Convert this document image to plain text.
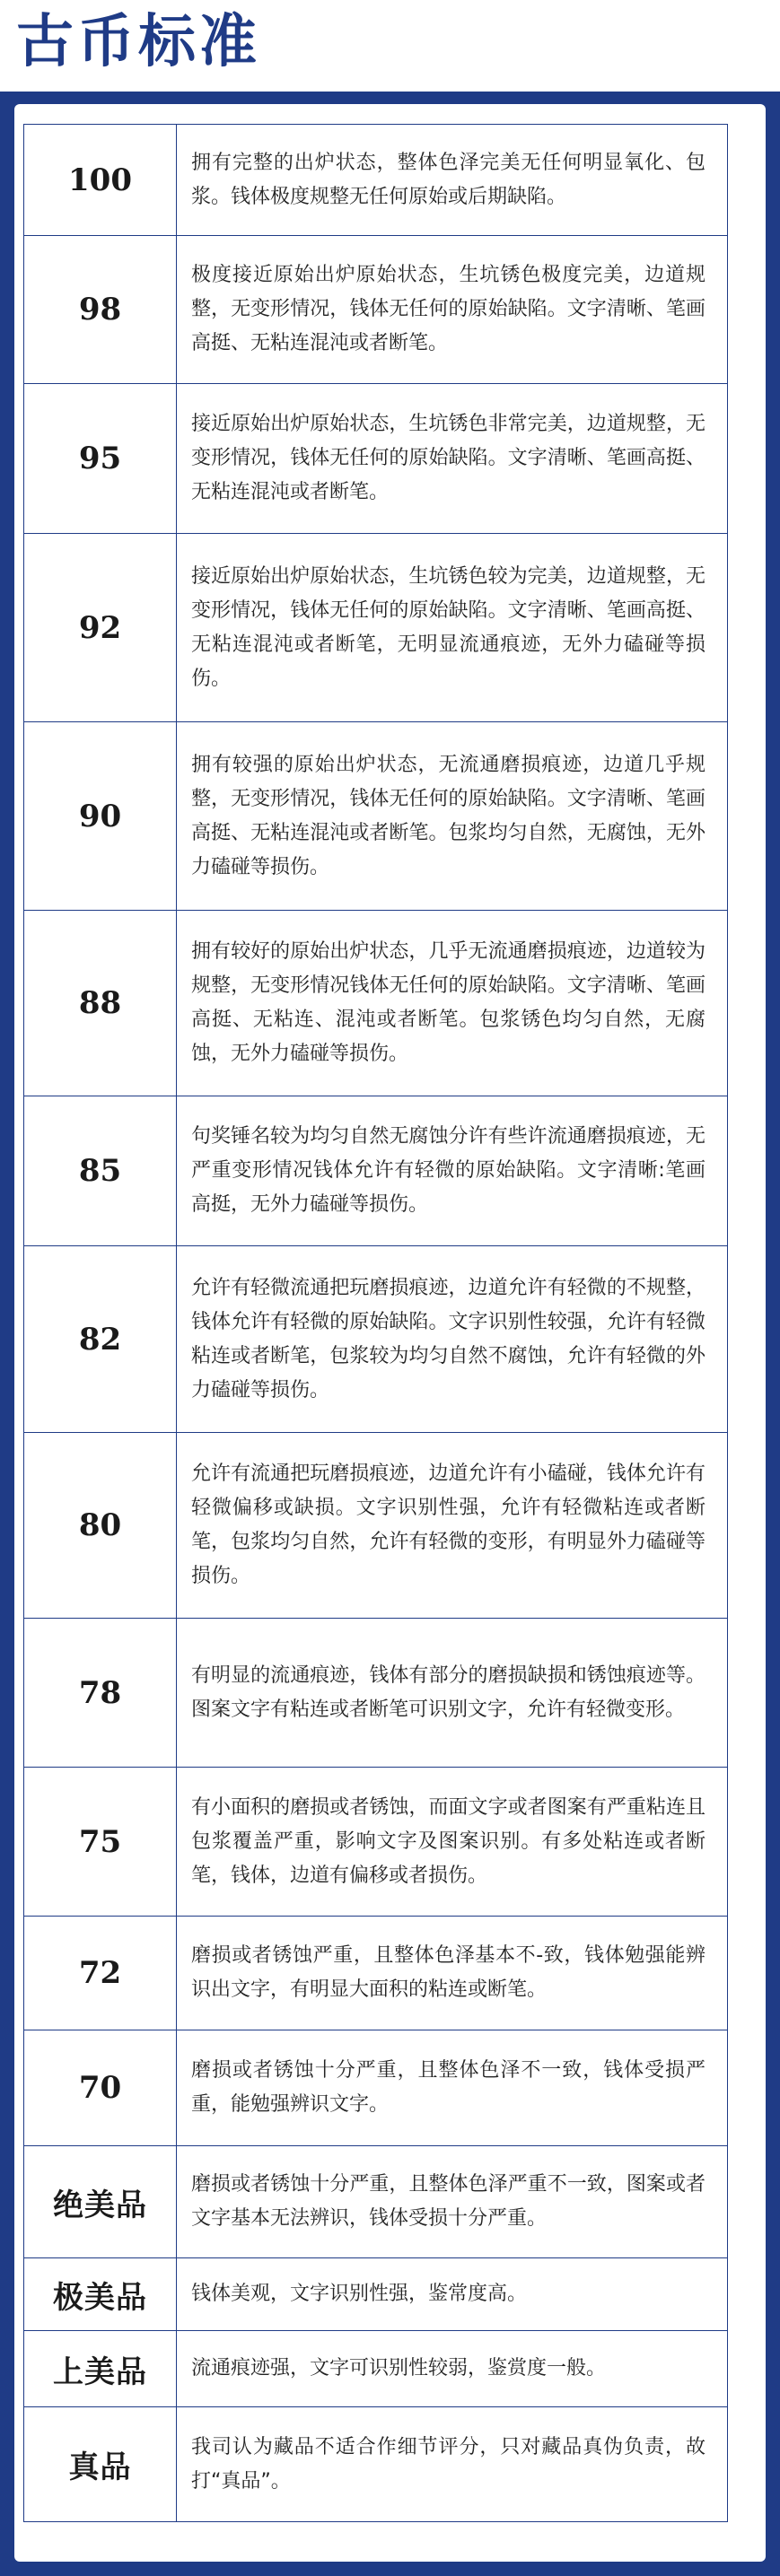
古币标准
100	拥有完整的出炉状态，整体色泽完美无任何明显氧化、包浆。钱体极度规整无任何原始或后期缺陷。
98	极度接近原始出炉原始状态，生坑锈色极度完美，边道规整，无变形情况，钱体无任何的原始缺陷。文字清晰、笔画高挺、无粘连混沌或者断笔。
95	接近原始出炉原始状态，生坑锈色非常完美，边道规整，无变形情况，钱体无任何的原始缺陷。文字清晰、笔画高挺、无粘连混沌或者断笔。
92	接近原始出炉原始状态，生坑锈色较为完美，边道规整，无变形情况，钱体无任何的原始缺陷。文字清晰、笔画高挺、无粘连混沌或者断笔，无明显流通痕迹，无外力磕碰等损伤。
90	拥有较强的原始出炉状态，无流通磨损痕迹，边道几乎规整，无变形情况，钱体无任何的原始缺陷。文字清晰、笔画高挺、无粘连混沌或者断笔。包浆均匀自然，无腐蚀，无外力磕碰等损伤。
88	拥有较好的原始出炉状态，几乎无流通磨损痕迹，边道较为规整，无变形情况钱体无任何的原始缺陷。文字清晰、笔画高挺、无粘连、混沌或者断笔。包浆锈色均匀自然，无腐蚀，无外力磕碰等损伤。
85	句奖锤名较为均匀自然无腐蚀分许有些许流通磨损痕迹，无严重变形情况钱体允许有轻微的原始缺陷。文字清晰:笔画高挺，无外力磕碰等损伤。
82	允许有轻微流通把玩磨损痕迹，边道允许有轻微的不规整，钱体允许有轻微的原始缺陷。文字识别性较强，允许有轻微粘连或者断笔，包浆较为均匀自然不腐蚀，允许有轻微的外力磕碰等损伤。
80	允许有流通把玩磨损痕迹，边道允许有小磕碰，钱体允许有轻微偏移或缺损。文字识别性强，允许有轻微粘连或者断笔，包浆均匀自然，允许有轻微的变形，有明显外力磕碰等损伤。
78	有明显的流通痕迹，钱体有部分的磨损缺损和锈蚀痕迹等。图案文字有粘连或者断笔可识别文字，允许有轻微变形。
75	有小面积的磨损或者锈蚀，而面文字或者图案有严重粘连且包浆覆盖严重，影响文字及图案识别。有多处粘连或者断笔，钱体，边道有偏移或者损伤。
72	磨损或者锈蚀严重，且整体色泽基本不-致，钱体勉强能辨识出文字，有明显大面积的粘连或断笔。
70	磨损或者锈蚀十分严重，且整体色泽不一致，钱体受损严重，能勉强辨识文字。
绝美品	磨损或者锈蚀十分严重，且整体色泽严重不一致，图案或者文字基本无法辨识，钱体受损十分严重。
极美品	钱体美观，文字识别性强，鉴常度高。
上美品	流通痕迹强，文字可识别性较弱，鉴赏度一般。
真品	我司认为藏品不适合作细节评分，只对藏品真伪负责，故打“真品”。
